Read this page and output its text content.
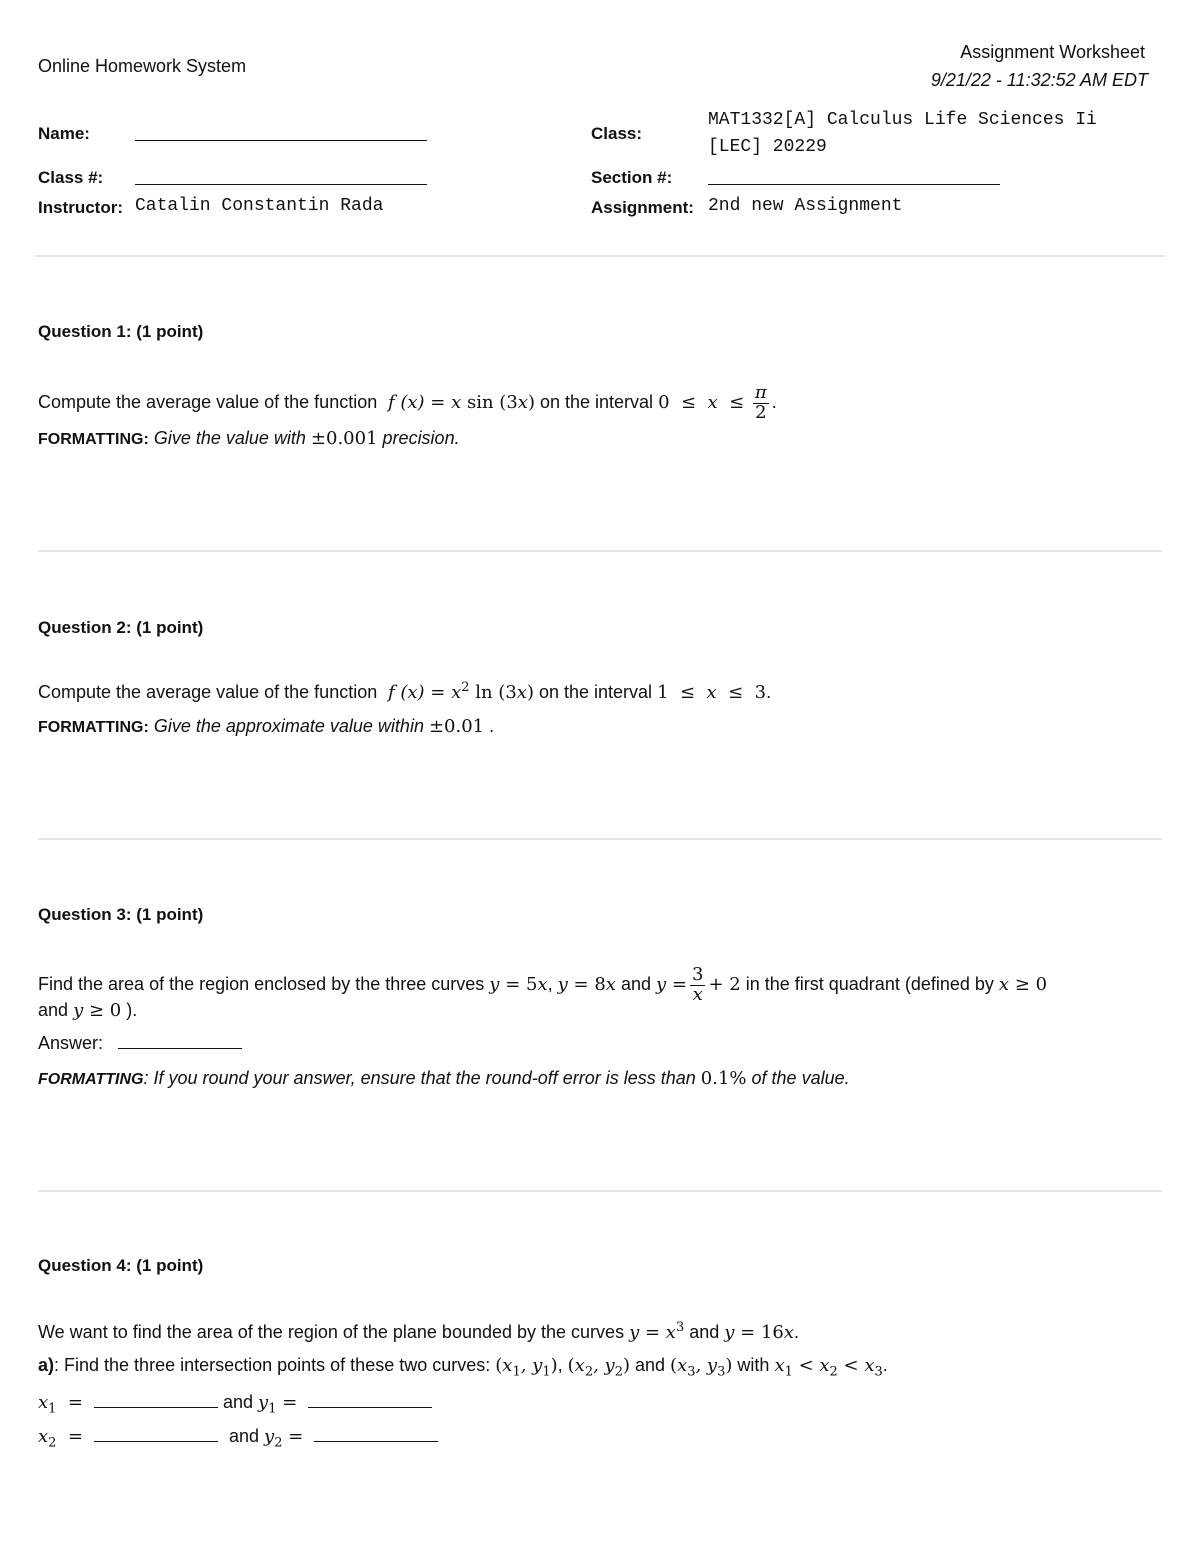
Online Homework System
Assignment Worksheet
9/21/22 - 11:32:52 AM EDT
Name:
Class #:
Instructor: Catalin Constantin Rada
Class:
MAT1332[A] Calculus Life Sciences Ii
[LEC] 20229
Section #:
Assignment: 2nd new Assignment
Question 1: (1 point)
Compute the average value of the function  f (x) = x sin (3x) on the interval $0 \le x \le \frac{\pi}{2}$ .
FORMATTING: Give the value with ±0.001 precision.
Question 2: (1 point)
Compute the average value of the function  f $(x) = x^2$ ln (3x) on the interval 1  ≤  x  ≤  3.
FORMATTING: Give the approximate value within ±0.01 .
Question 3: (1 point)
Find the area of the region enclosed by the three curves y = 5x, y = 8x and $y = \frac{3}{x} + 2$ in the first quadrant (defined by x ≥ 0
and y ≥ 0 ).
Answer:
FORMATTING: If you round your answer, ensure that the round-off error is less than 0.1% of the value.
Question 4: (1 point)
We want to find the area of the region of the plane bounded by the curves $y = x^3$ and y = 16x.
a): Find the three intersection points of these two curves: ($x_1$, $y_1$), ($x_2$, $y_2$) and ($x_3$, $y_3$) with $x_1 < x_2 < x_3$.
$x_1$  =	and $y_1$ =
$x_2$  =	and $y_2$ =
